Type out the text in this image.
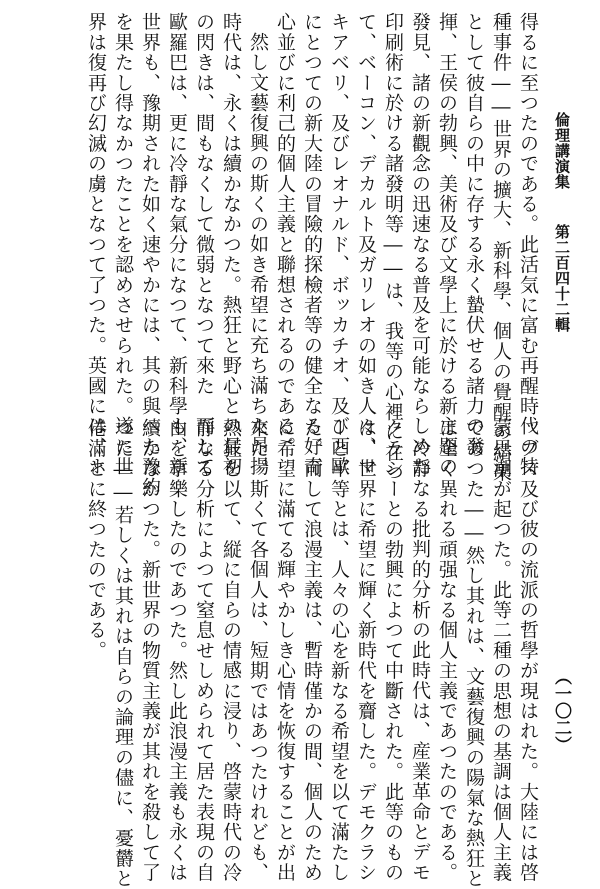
倫理講演集
第二百四十二輯
（一〇二）
得るに至つたのである。此活気に富む再醒時代の特
種事件――世界の擴大、新科學、個人の覺醒の結果
として彼自らの中に存する永く蟄伏せる諸力の發
揮、王侯の勃興、美術及び文學上に於ける新主題の
發見、諸の新觀念の迅速なる普及を可能ならしめた
印刷術に於ける諸發明等――は、我等の心裡に在つ
て、ベーコン、デカルト及ガリレオの如き人々、マ
キアベリ、及びレオナルド、ボッカチオ、及び西歐
にとつての新大陸の冒險的探檢者等の健全なる好奇
心並びに利己的個人主義と聯想されるのである。
然し文藝復興の斯くの如き希望に充ち滿ちた昂揚
時代は、永くは續かなかつた。熱狂と野心との最初
の閃きは、間もなくして微弱となつて來た　而して
歐羅巴は、更に冷靜な氣分になつて、新科學も、新
世界も、豫期された如く速やかには、其の與へた豫約
を果たし得なかつたことを認めさせられた。遂に世
界は復再び幻滅の虜となつて了つた。英國には、ホ
ッブス及び彼の流派の哲學が現はれた。大陸には啓
蒙思潮が起つた。此等二種の思想の基調は個人主義
であつた――然し其れは、文藝復興の陽氣な熱狂と
は全く異れる頑强なる個人主義であつたのである。
冷靜なる批判的分析の此時代は、産業革命とデモ
クラシーとの勃興によつて中斷された。此等のもの
は、世界に希望に輝く新時代を齎した。デモクラシ
ーと平等とは、人々の心を新なる希望を以て滿たし
た。而して浪漫主義は、暫時僅かの間、個人のため
に希望に滿てる輝やかしき心情を恢復することが出
來た。斯くて各個人は、短期ではあつたけれども、
熱狂を以て、縦に自らの情感に浸り、啓蒙時代の冷
靜なる分析によつて窒息せしめられて居た表現の自
由を享樂したのであつた。然し此浪漫主義も永くは
續かなかつた。新世界の物質主義が其れを殺して了
つた――若しくは其れは自らの論理の儘に、憂欝と
倦滿とに終つたのである。
